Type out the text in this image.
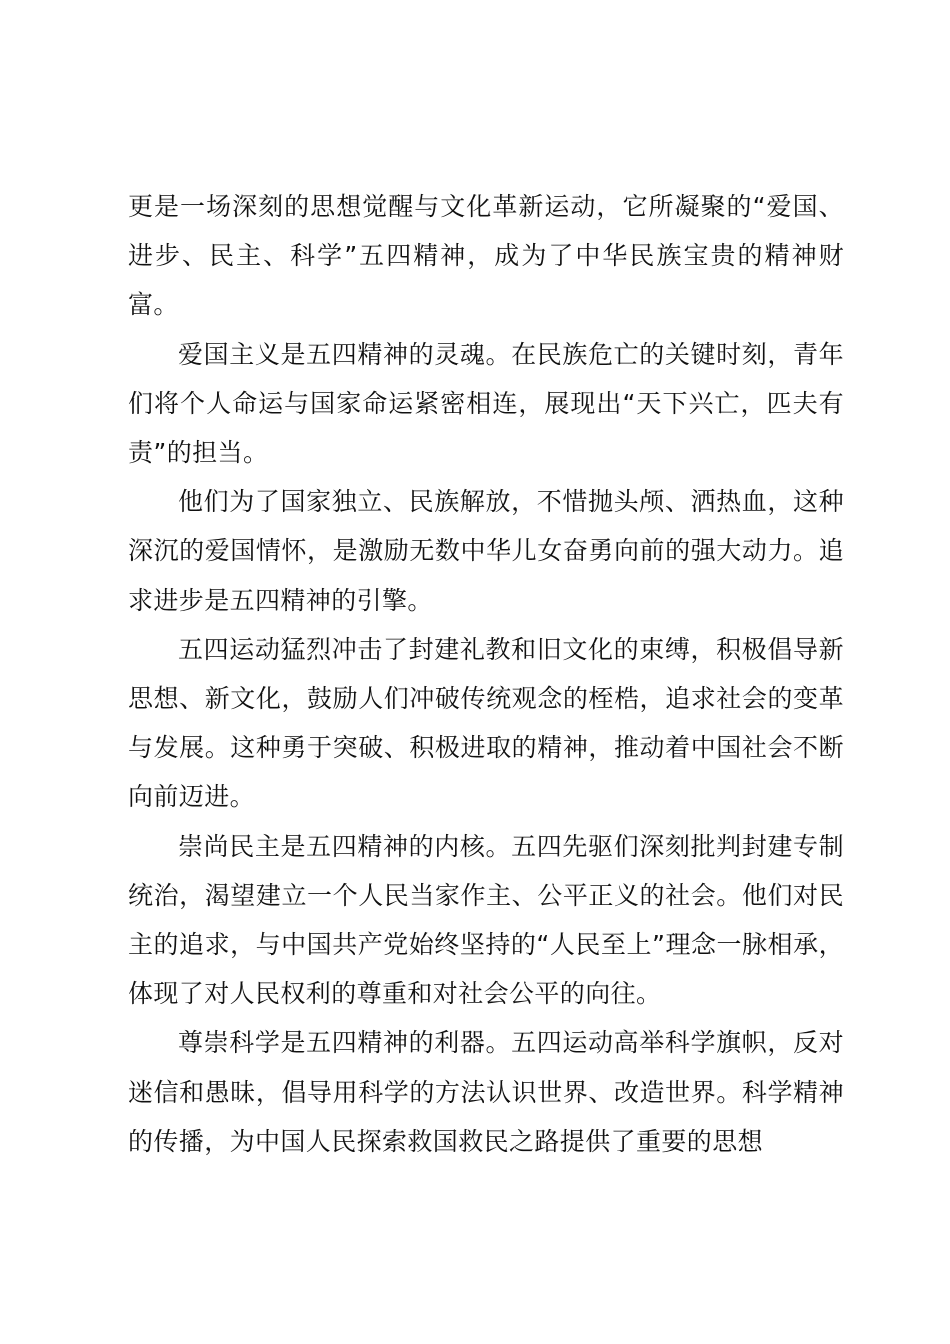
更是一场深刻的思想觉醒与文化革新运动，它所凝聚的“爱国、进步、民主、科学”五四精神，成为了中华民族宝贵的精神财富。

爱国主义是五四精神的灵魂。在民族危亡的关键时刻，青年们将个人命运与国家命运紧密相连，展现出“天下兴亡，匹夫有责”的担当。

他们为了国家独立、民族解放，不惜抛头颅、洒热血，这种深沉的爱国情怀，是激励无数中华儿女奋勇向前的强大动力。追求进步是五四精神的引擎。

五四运动猛烈冲击了封建礼教和旧文化的束缚，积极倡导新思想、新文化，鼓励人们冲破传统观念的桎梏，追求社会的变革与发展。这种勇于突破、积极进取的精神，推动着中国社会不断向前迈进。

崇尚民主是五四精神的内核。五四先驱们深刻批判封建专制统治，渴望建立一个人民当家作主、公平正义的社会。他们对民主的追求，与中国共产党始终坚持的“人民至上”理念一脉相承，体现了对人民权利的尊重和对社会公平的向往。

尊崇科学是五四精神的利器。五四运动高举科学旗帜，反对迷信和愚昧，倡导用科学的方法认识世界、改造世界。科学精神的传播，为中国人民探索救国救民之路提供了重要的思想
